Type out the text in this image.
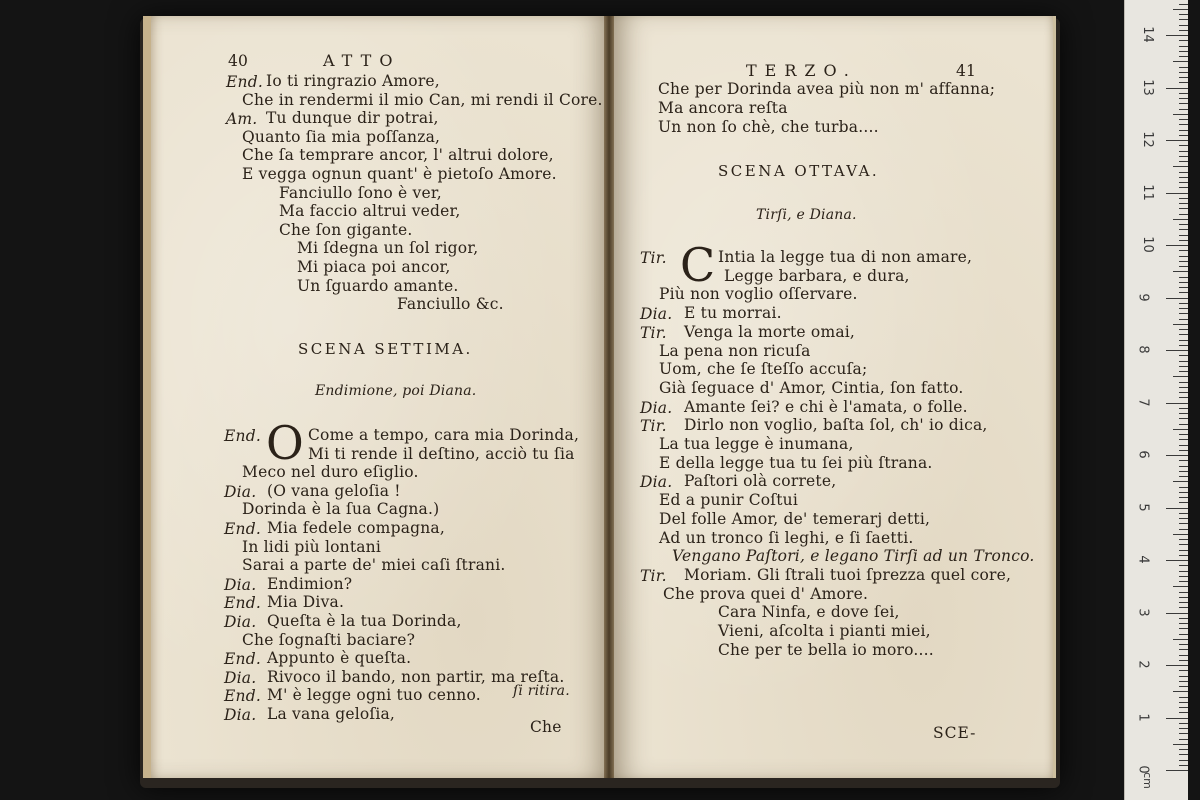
40	ATTO
End. Io ti ringrazio Amore,
Che in rendermi il mio Can, mi rendi il Core.
Am. Tu dunque dir potrai,
Quanto ſia mia poſſanza,
Che ſa temprare ancor, l' altrui dolore,
E vegga ognun quant' è pietoſo Amore.
Fanciullo ſono è ver,
Ma faccio altrui veder,
Che ſon gigante.
Mi ſdegna un ſol rigor,
Mi piaca poi ancor,
Un ſguardo amante.
Fanciullo &c.
SCENA SETTIMA.
Endimione, poi Diana.
O
End.	Come a tempo, cara mia Dorinda,
Mi ti rende il deſtino, acciò tu ſia
Meco nel duro eſiglio.
Dia. (O vana geloſia !
Dorinda è la ſua Cagna.)
End. Mia fedele compagna,
In lidi più lontani
Sarai a parte de' miei caſi ſtrani.
Dia. Endimion?
End. Mia Diva.
Dia. Queſta è la tua Dorinda,
Che ſognaſti baciare?
End. Appunto è queſta.
Dia. Rivoco il bando, non partir, ma reſta.
End. M' è legge ogni tuo cenno.
Dia. La vana geloſia,
ſi ritira.
Che
TERZO.	41
Che per Dorinda avea più non m' affanna;
Ma ancora reſta
Un non ſo chè, che turba....
SCENA OTTAVA.
Tirſi, e Diana.
C
Tir.	Intia la legge tua di non amare,
Legge barbara, e dura,
Più non voglio oſſervare.
Dia. E tu morrai.
Tir. Venga la morte omai,
La pena non ricuſa
Uom, che ſe ſteſſo accuſa;
Già ſeguace d' Amor, Cintia, ſon fatto.
Dia. Amante ſei? e chi è l'amata, o folle.
Tir. Dirlo non voglio, baſta ſol, ch' io dica,
La tua legge è inumana,
E della legge tua tu ſei più ſtrana.
Dia. Paſtori olà correte,
Ed a punir Coſtui
Del folle Amor, de' temerarj detti,
Ad un tronco ſi leghi, e ſi ſaetti.
Vengano Paſtori, e legano Tirſi ad un Tronco.
Tir. Moriam. Gli ſtrali tuoi ſprezza quel core,
Che prova quei d' Amore.
Cara Ninfa, e dove ſei,
Vieni, aſcolta i pianti miei,
Che per te bella io moro....
SCE-
0
1
2
3
4
5
6
7
8
9
10
11
12
13
14
cm
